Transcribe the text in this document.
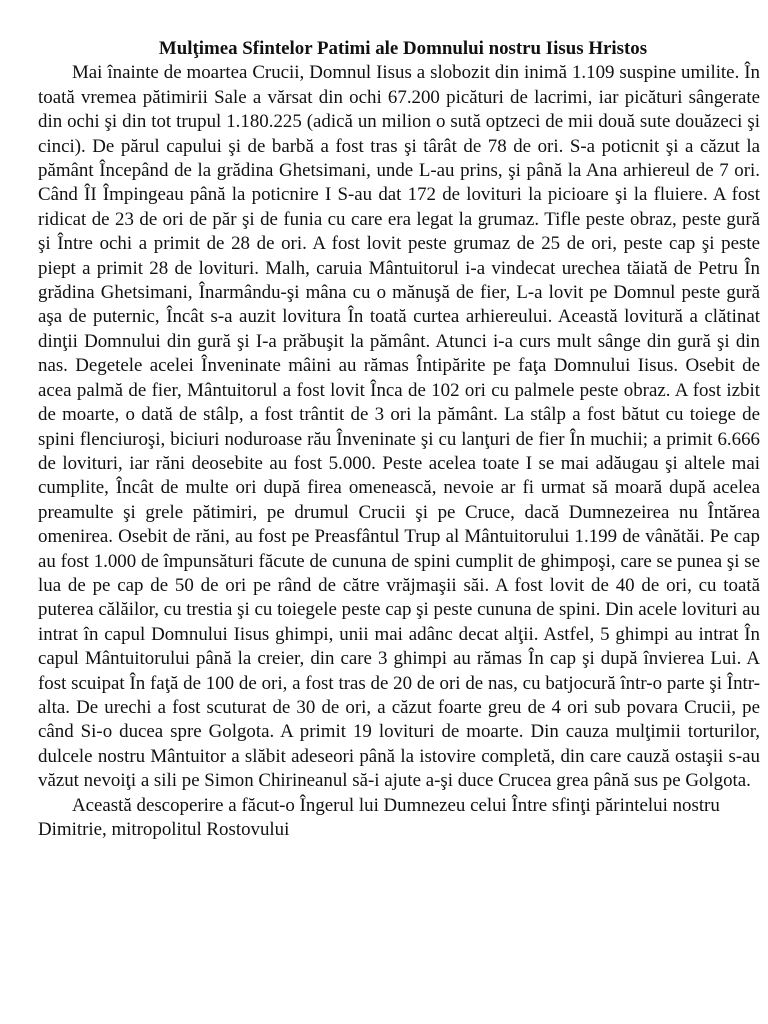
Mulţimea Sfintelor Patimi ale Domnului nostru Iisus Hristos

Mai înainte de moartea Crucii, Domnul Iisus a slobozit din inimă 1.109 suspine umilite. În toată vremea pătimirii Sale a vărsat din ochi 67.200 picături de lacrimi, iar picături sângerate din ochi şi din tot trupul 1.180.225 (adică un milion o sută optzeci de mii două sute douăzeci şi cinci). De părul capului şi de barbă a fost tras şi târât de 78 de ori. S-a poticnit şi a căzut la pământ Începând de la grădina Ghetsimani, unde L-au prins, şi până la Ana arhiereul de 7 ori. Când ÎI Împingeau până la poticnire I S-au dat 172 de lovituri la picioare şi la fluiere. A fost ridicat de 23 de ori de păr şi de funia cu care era legat la grumaz. Tifle peste obraz, peste gură şi Între ochi a primit de 28 de ori. A fost lovit peste grumaz de 25 de ori, peste cap şi peste piept a primit 28 de lovituri. Malh, caruia Mântuitorul i-a vindecat urechea tăiată de Petru În grădina Ghetsimani, Înarmându-şi mâna cu o mănuşă de fier, L-a lovit pe Domnul peste gură aşa de puternic, Încât s-a auzit lovitura În toată curtea arhiereului. Această lovitură a clătinat dinţii Domnului din gură şi I-a prăbuşit la pământ. Atunci i-a curs mult sânge din gură şi din nas. Degetele acelei Înveninate mâini au rămas Întipărite pe faţa Domnului Iisus. Osebit de acea palmă de fier, Mântuitorul a fost lovit Înca de 102 ori cu palmele peste obraz. A fost izbit de moarte, o dată de stâlp, a fost trântit de 3 ori la pământ. La stâlp a fost bătut cu toiege de spini flenciuroşi, biciuri noduroase rău Înveninate şi cu lanţuri de fier În muchii; a primit 6.666 de lovituri, iar răni deosebite au fost 5.000. Peste acelea toate I se mai adăugau şi altele mai cumplite, Încât de multe ori după firea omenească, nevoie ar fi urmat să moară după acelea preamulte şi grele pătimiri, pe drumul Crucii şi pe Cruce, dacă Dumnezeirea nu Întărea omenirea. Osebit de răni, au fost pe Preasfântul Trup al Mântuitorului 1.199 de vânătăi. Pe cap au fost 1.000 de împunsături făcute de cununa de spini cumplit de ghimpoşi, care se punea şi se lua de pe cap de 50 de ori pe rând de către vrăjmaşii săi. A fost lovit de 40 de ori, cu toată puterea călăilor, cu trestia şi cu toiegele peste cap şi peste cununa de spini. Din acele lovituri au intrat în capul Domnului Iisus ghimpi, unii mai adânc decat alţii. Astfel, 5 ghimpi au intrat În capul Mântuitorului până la creier, din care 3 ghimpi au rămas În cap şi după învierea Lui. A fost scuipat În faţă de 100 de ori, a fost tras de 20 de ori de nas, cu batjocură într-o parte şi Într-alta. De urechi a fost scuturat de 30 de ori, a căzut foarte greu de 4 ori sub povara Crucii, pe când Si-o ducea spre Golgota. A primit 19 lovituri de moarte. Din cauza mulţimii torturilor, dulcele nostru Mântuitor a slăbit adeseori până la istovire completă, din care cauză ostaşii s-au văzut nevoiţi a sili pe Simon Chirineanul să-i ajute a-şi duce Crucea grea până sus pe Golgota.

Această descoperire a făcut-o Îngerul lui Dumnezeu celui Între sfinţi părintelui nostru Dimitrie, mitropolitul Rostovului
